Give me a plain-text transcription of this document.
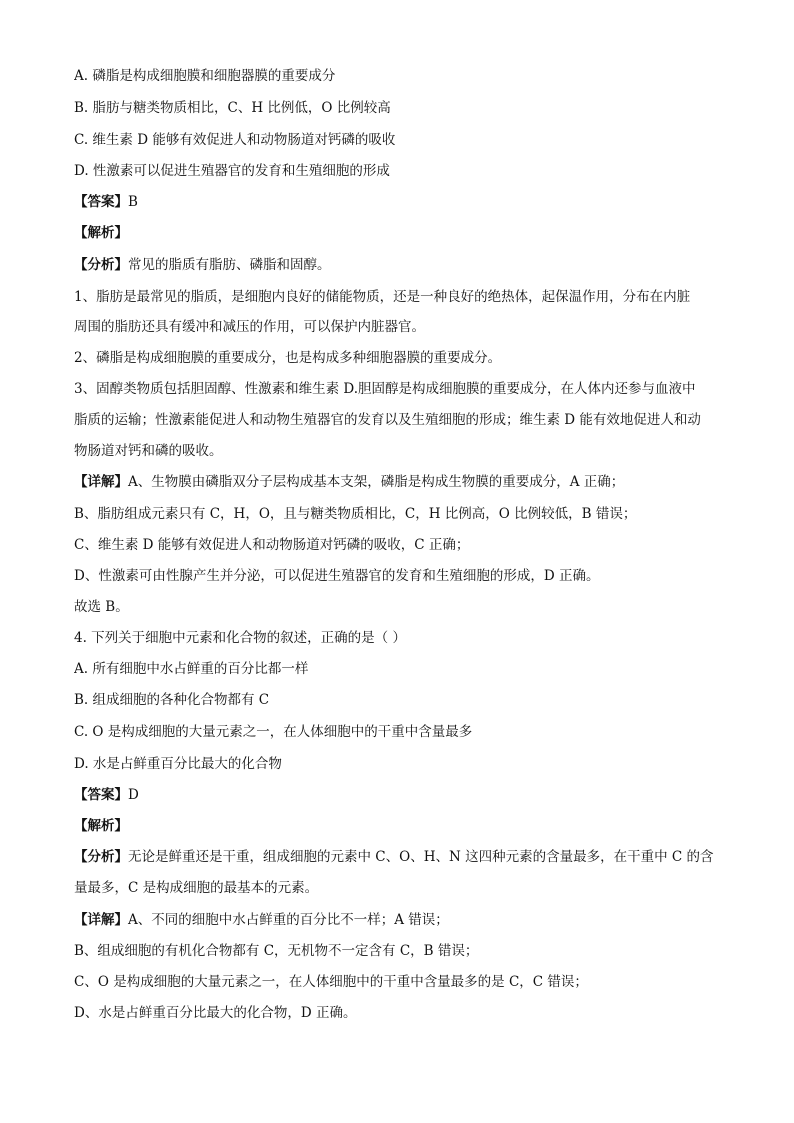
A. 磷脂是构成细胞膜和细胞器膜的重要成分
B. 脂肪与糖类物质相比，C、H 比例低，O 比例较高
C. 维生素 D 能够有效促进人和动物肠道对钙磷的吸收
D. 性激素可以促进生殖器官的发育和生殖细胞的形成
【答案】B
【解析】
【分析】常见的脂质有脂肪、磷脂和固醇。
1、脂肪是最常见的脂质，是细胞内良好的储能物质，还是一种良好的绝热体，起保温作用，分布在内脏
周围的脂肪还具有缓冲和减压的作用，可以保护内脏器官。
2、磷脂是构成细胞膜的重要成分，也是构成多种细胞器膜的重要成分。
3、固醇类物质包括胆固醇、性激素和维生素 D.胆固醇是构成细胞膜的重要成分，在人体内还参与血液中
脂质的运输；性激素能促进人和动物生殖器官的发育以及生殖细胞的形成；维生素 D 能有效地促进人和动
物肠道对钙和磷的吸收。
【详解】A、生物膜由磷脂双分子层构成基本支架，磷脂是构成生物膜的重要成分，A 正确；
B、脂肪组成元素只有 C，H，O，且与糖类物质相比，C，H 比例高，O 比例较低，B 错误；
C、维生素 D 能够有效促进人和动物肠道对钙磷的吸收，C 正确；
D、性激素可由性腺产生并分泌，可以促进生殖器官的发育和生殖细胞的形成，D 正确。
故选 B。
4. 下列关于细胞中元素和化合物的叙述，正确的是（ ）
A. 所有细胞中水占鲜重的百分比都一样
B. 组成细胞的各种化合物都有 C
C. O 是构成细胞的大量元素之一，在人体细胞中的干重中含量最多
D. 水是占鲜重百分比最大的化合物
【答案】D
【解析】
【分析】无论是鲜重还是干重，组成细胞的元素中 C、O、H、N 这四种元素的含量最多，在干重中 C 的含
量最多，C 是构成细胞的最基本的元素。
【详解】A、不同的细胞中水占鲜重的百分比不一样；A 错误；
B、组成细胞的有机化合物都有 C，无机物不一定含有 C，B 错误；
C、O 是构成细胞的大量元素之一，在人体细胞中的干重中含量最多的是 C，C 错误；
D、水是占鲜重百分比最大的化合物，D 正确。
